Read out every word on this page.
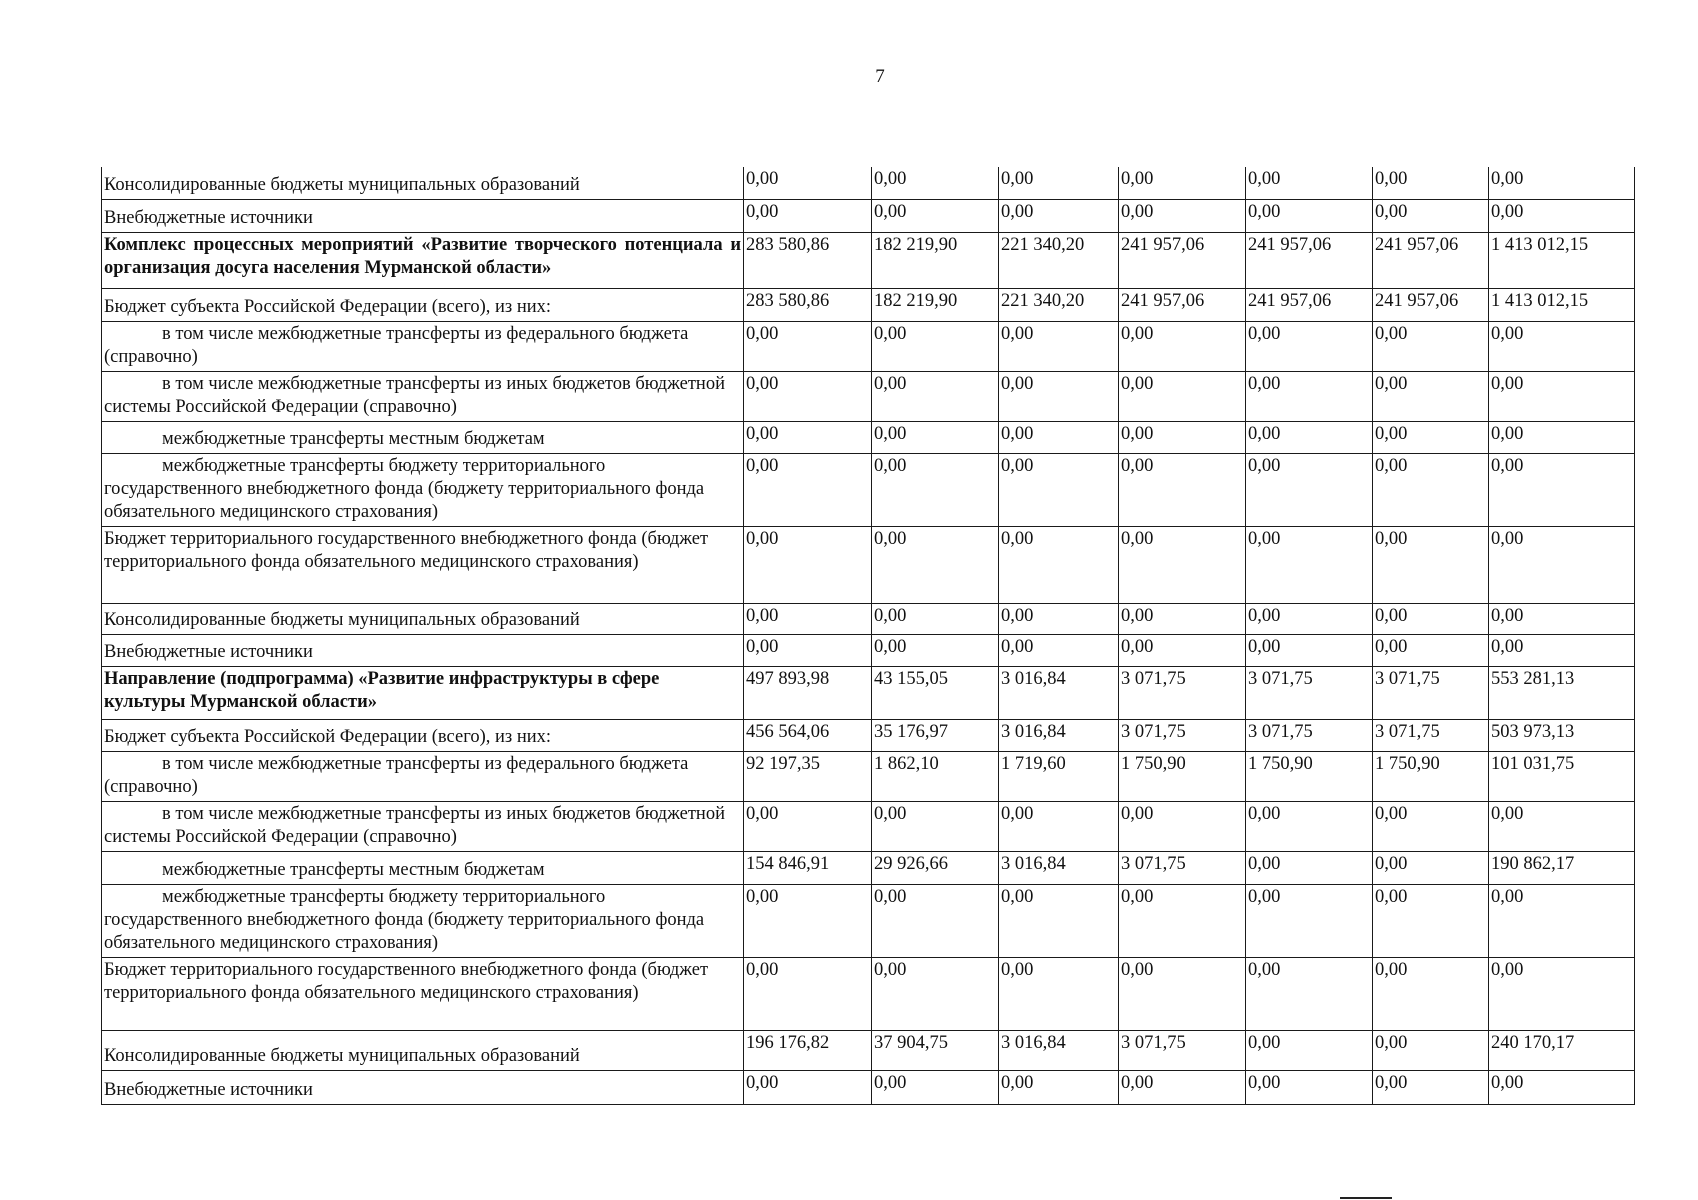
7
Консолидированные бюджеты муниципальных образований	0,00	0,00	0,00	0,00	0,00	0,00	0,00
Внебюджетные источники	0,00	0,00	0,00	0,00	0,00	0,00	0,00
Комплекс процессных мероприятий «Развитие творческого потенциала и организация досуга населения Мурманской области»	283 580,86	182 219,90	221 340,20	241 957,06	241 957,06	241 957,06	1 413 012,15
Бюджет субъекта Российской Федерации (всего), из них:	283 580,86	182 219,90	221 340,20	241 957,06	241 957,06	241 957,06	1 413 012,15
в том числе межбюджетные трансферты из федерального бюджета (справочно)	0,00	0,00	0,00	0,00	0,00	0,00	0,00
в том числе межбюджетные трансферты из иных бюджетов бюджетной системы Российской Федерации (справочно)	0,00	0,00	0,00	0,00	0,00	0,00	0,00
межбюджетные трансферты местным бюджетам	0,00	0,00	0,00	0,00	0,00	0,00	0,00
межбюджетные трансферты бюджету территориального государственного внебюджетного фонда (бюджету территориального фонда обязательного медицинского страхования)	0,00	0,00	0,00	0,00	0,00	0,00	0,00
Бюджет территориального государственного внебюджетного фонда (бюджет территориального фонда обязательного медицинского страхования)	0,00	0,00	0,00	0,00	0,00	0,00	0,00
Консолидированные бюджеты муниципальных образований	0,00	0,00	0,00	0,00	0,00	0,00	0,00
Внебюджетные источники	0,00	0,00	0,00	0,00	0,00	0,00	0,00
Направление (подпрограмма) «Развитие инфраструктуры в сфере культуры Мурманской области»	497 893,98	43 155,05	3 016,84	3 071,75	3 071,75	3 071,75	553 281,13
Бюджет субъекта Российской Федерации (всего), из них:	456 564,06	35 176,97	3 016,84	3 071,75	3 071,75	3 071,75	503 973,13
в том числе межбюджетные трансферты из федерального бюджета (справочно)	92 197,35	1 862,10	1 719,60	1 750,90	1 750,90	1 750,90	101 031,75
в том числе межбюджетные трансферты из иных бюджетов бюджетной системы Российской Федерации (справочно)	0,00	0,00	0,00	0,00	0,00	0,00	0,00
межбюджетные трансферты местным бюджетам	154 846,91	29 926,66	3 016,84	3 071,75	0,00	0,00	190 862,17
межбюджетные трансферты бюджету территориального государственного внебюджетного фонда (бюджету территориального фонда обязательного медицинского страхования)	0,00	0,00	0,00	0,00	0,00	0,00	0,00
Бюджет территориального государственного внебюджетного фонда (бюджет территориального фонда обязательного медицинского страхования)	0,00	0,00	0,00	0,00	0,00	0,00	0,00
Консолидированные бюджеты муниципальных образований	196 176,82	37 904,75	3 016,84	3 071,75	0,00	0,00	240 170,17
Внебюджетные источники	0,00	0,00	0,00	0,00	0,00	0,00	0,00
